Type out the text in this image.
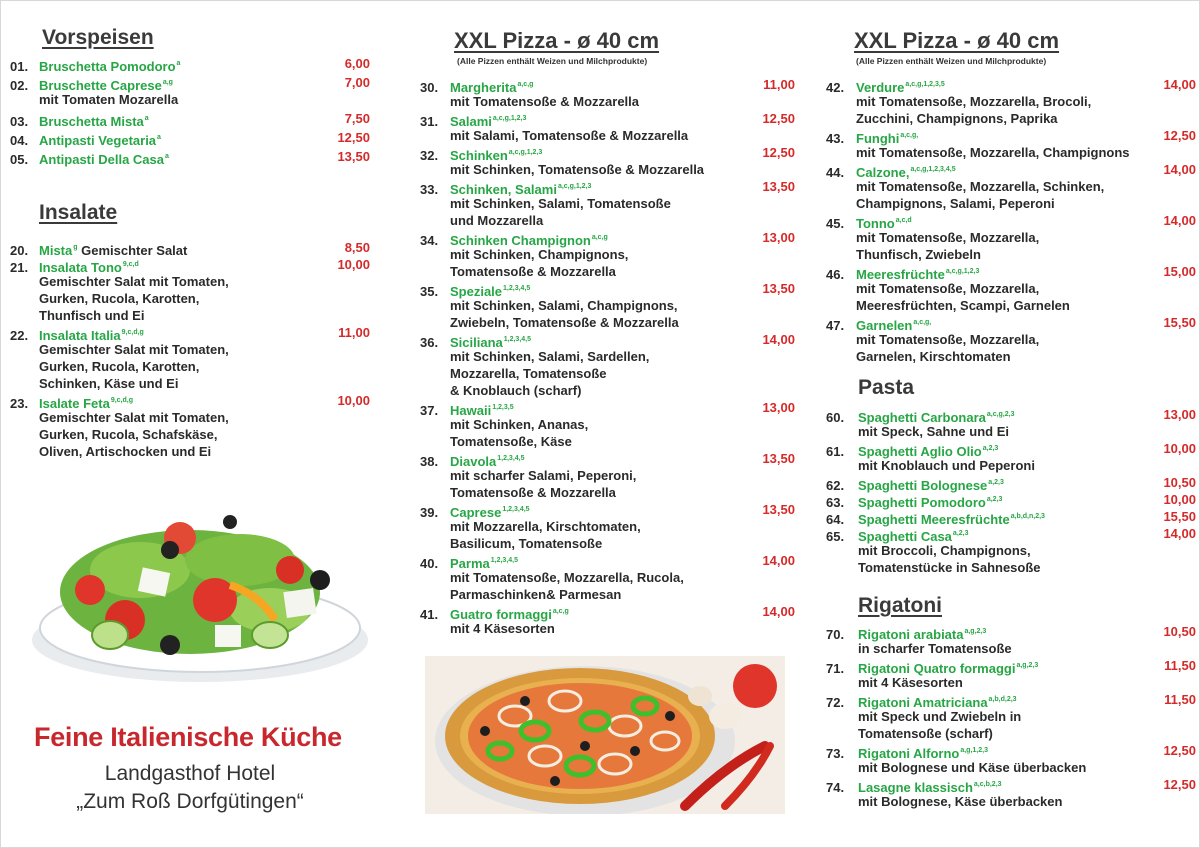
Vorspeisen
01. Bruschetta Pomodoro$^a$	6,00
02. Bruschette Caprese$^{a,g}$	7,00
mit Tomaten Mozarella
03. Bruschetta Mista$^a$	7,50
04. Antipasti Vegetaria$^a$	12,50
05. Antipasti Della Casa$^a$	13,50
Insalate
20. Mista$^g$ Gemischter Salat	8,50
21. Insalata Tono$^{9,c,d}$	10,00
Gemischter Salat mit Tomaten,
Gurken, Rucola, Karotten,
Thunfisch und Ei
22. Insalata Italia$^{9,c,d,g}$	11,00
Gemischter Salat mit Tomaten,
Gurken, Rucola, Karotten,
Schinken, Käse und Ei
23. Isalate Feta$^{9,c,d,g}$	10,00
Gemischter Salat mit Tomaten,
Gurken, Rucola, Schafskäse,
Oliven, Artischocken und Ei
Feine Italienische Küche
Landgasthof Hotel
„Zum Roß Dorfgütingen“
XXL Pizza - ø 40 cm
(Alle Pizzen enthält Weizen und Milchprodukte)
30. Margherita$^{a,c,g}$	11,00
mit Tomatensoße & Mozzarella
31. Salami$^{a,c,g,1,2,3}$	12,50
mit Salami, Tomatensoße & Mozzarella
32. Schinken$^{a,c,g,1,2,3}$	12,50
mit Schinken, Tomatensoße & Mozzarella
33. Schinken, Salami$^{a,c,g,1,2,3}$	13,50
mit Schinken, Salami, Tomatensoße
und Mozzarella
34. Schinken Champignon$^{a,c,g}$	13,00
mit Schinken, Champignons,
Tomatensoße & Mozzarella
35. Speziale$^{1,2,3,4,5}$	13,50
mit Schinken, Salami, Champignons,
Zwiebeln, Tomatensoße & Mozzarella
36. Siciliana$^{1,2,3,4,5}$	14,00
mit Schinken, Salami, Sardellen,
Mozzarella, Tomatensoße
& Knoblauch (scharf)
37. Hawaii$^{1,2,3,5}$	13,00
mit Schinken, Ananas,
Tomatensoße, Käse
38. Diavola$^{1,2,3,4,5}$	13,50
mit scharfer Salami, Peperoni,
Tomatensoße & Mozzarella
39. Caprese$^{1,2,3,4,5}$	13,50
mit Mozzarella, Kirschtomaten,
Basilicum, Tomatensoße
40. Parma$^{1,2,3,4,5}$	14,00
mit Tomatensoße, Mozzarella, Rucola,
Parmaschinken& Parmesan
41. Guatro formaggi$^{a,c,g}$	14,00
mit 4 Käsesorten
XXL Pizza - ø 40 cm
(Alle Pizzen enthält Weizen und Milchprodukte)
42. Verdure$^{a,c,g,1,2,3,5}$	14,00
mit Tomatensoße, Mozzarella, Brocoli,
Zucchini, Champignons, Paprika
43. Funghi$^{a,c,g,}$	12,50
mit Tomatensoße, Mozzarella, Champignons
44. Calzone,$^{a,c,g,1,2,3,4,5}$	14,00
mit Tomatensoße, Mozzarella, Schinken,
Champignons, Salami, Peperoni
45. Tonno$^{a,c,d}$	14,00
mit Tomatensoße, Mozzarella,
Thunfisch, Zwiebeln
46. Meeresfrüchte$^{a,c,g,1,2,3}$	15,00
mit Tomatensoße, Mozzarella,
Meeresfrüchten, Scampi, Garnelen
47. Garnelen$^{a,c,g,}$	15,50
mit Tomatensoße, Mozzarella,
Garnelen, Kirschtomaten
Pasta
60. Spaghetti Carbonara$^{a,c,g,2,3}$	13,00
mit Speck, Sahne und Ei
61. Spaghetti Aglio Olio$^{a,2,3}$	10,00
mit Knoblauch und Peperoni
62. Spaghetti Bolognese$^{a,2,3}$	10,50
63. Spaghetti Pomodoro$^{a,2,3}$	10,00
64. Spaghetti Meeresfrüchte$^{a,b,d,n,2,3}$	15,50
65. Spaghetti Casa$^{a,2,3}$	14,00
mit Broccoli, Champignons,
Tomatenstücke in Sahnesoße
Rigatoni
70. Rigatoni arabiata$^{a,g,2,3}$	10,50
in scharfer Tomatensoße
71. Rigatoni Quatro formaggi$^{a,g,2,3}$	11,50
mit 4 Käsesorten
72. Rigatoni Amatriciana$^{a,b,d,2,3}$	11,50
mit Speck und Zwiebeln in
Tomatensoße (scharf)
73. Rigatoni Alforno$^{a,g,1,2,3}$	12,50
mit Bolognese und Käse überbacken
74. Lasagne klassisch$^{a,c,b,2,3}$	12,50
mit Bolognese, Käse überbacken
